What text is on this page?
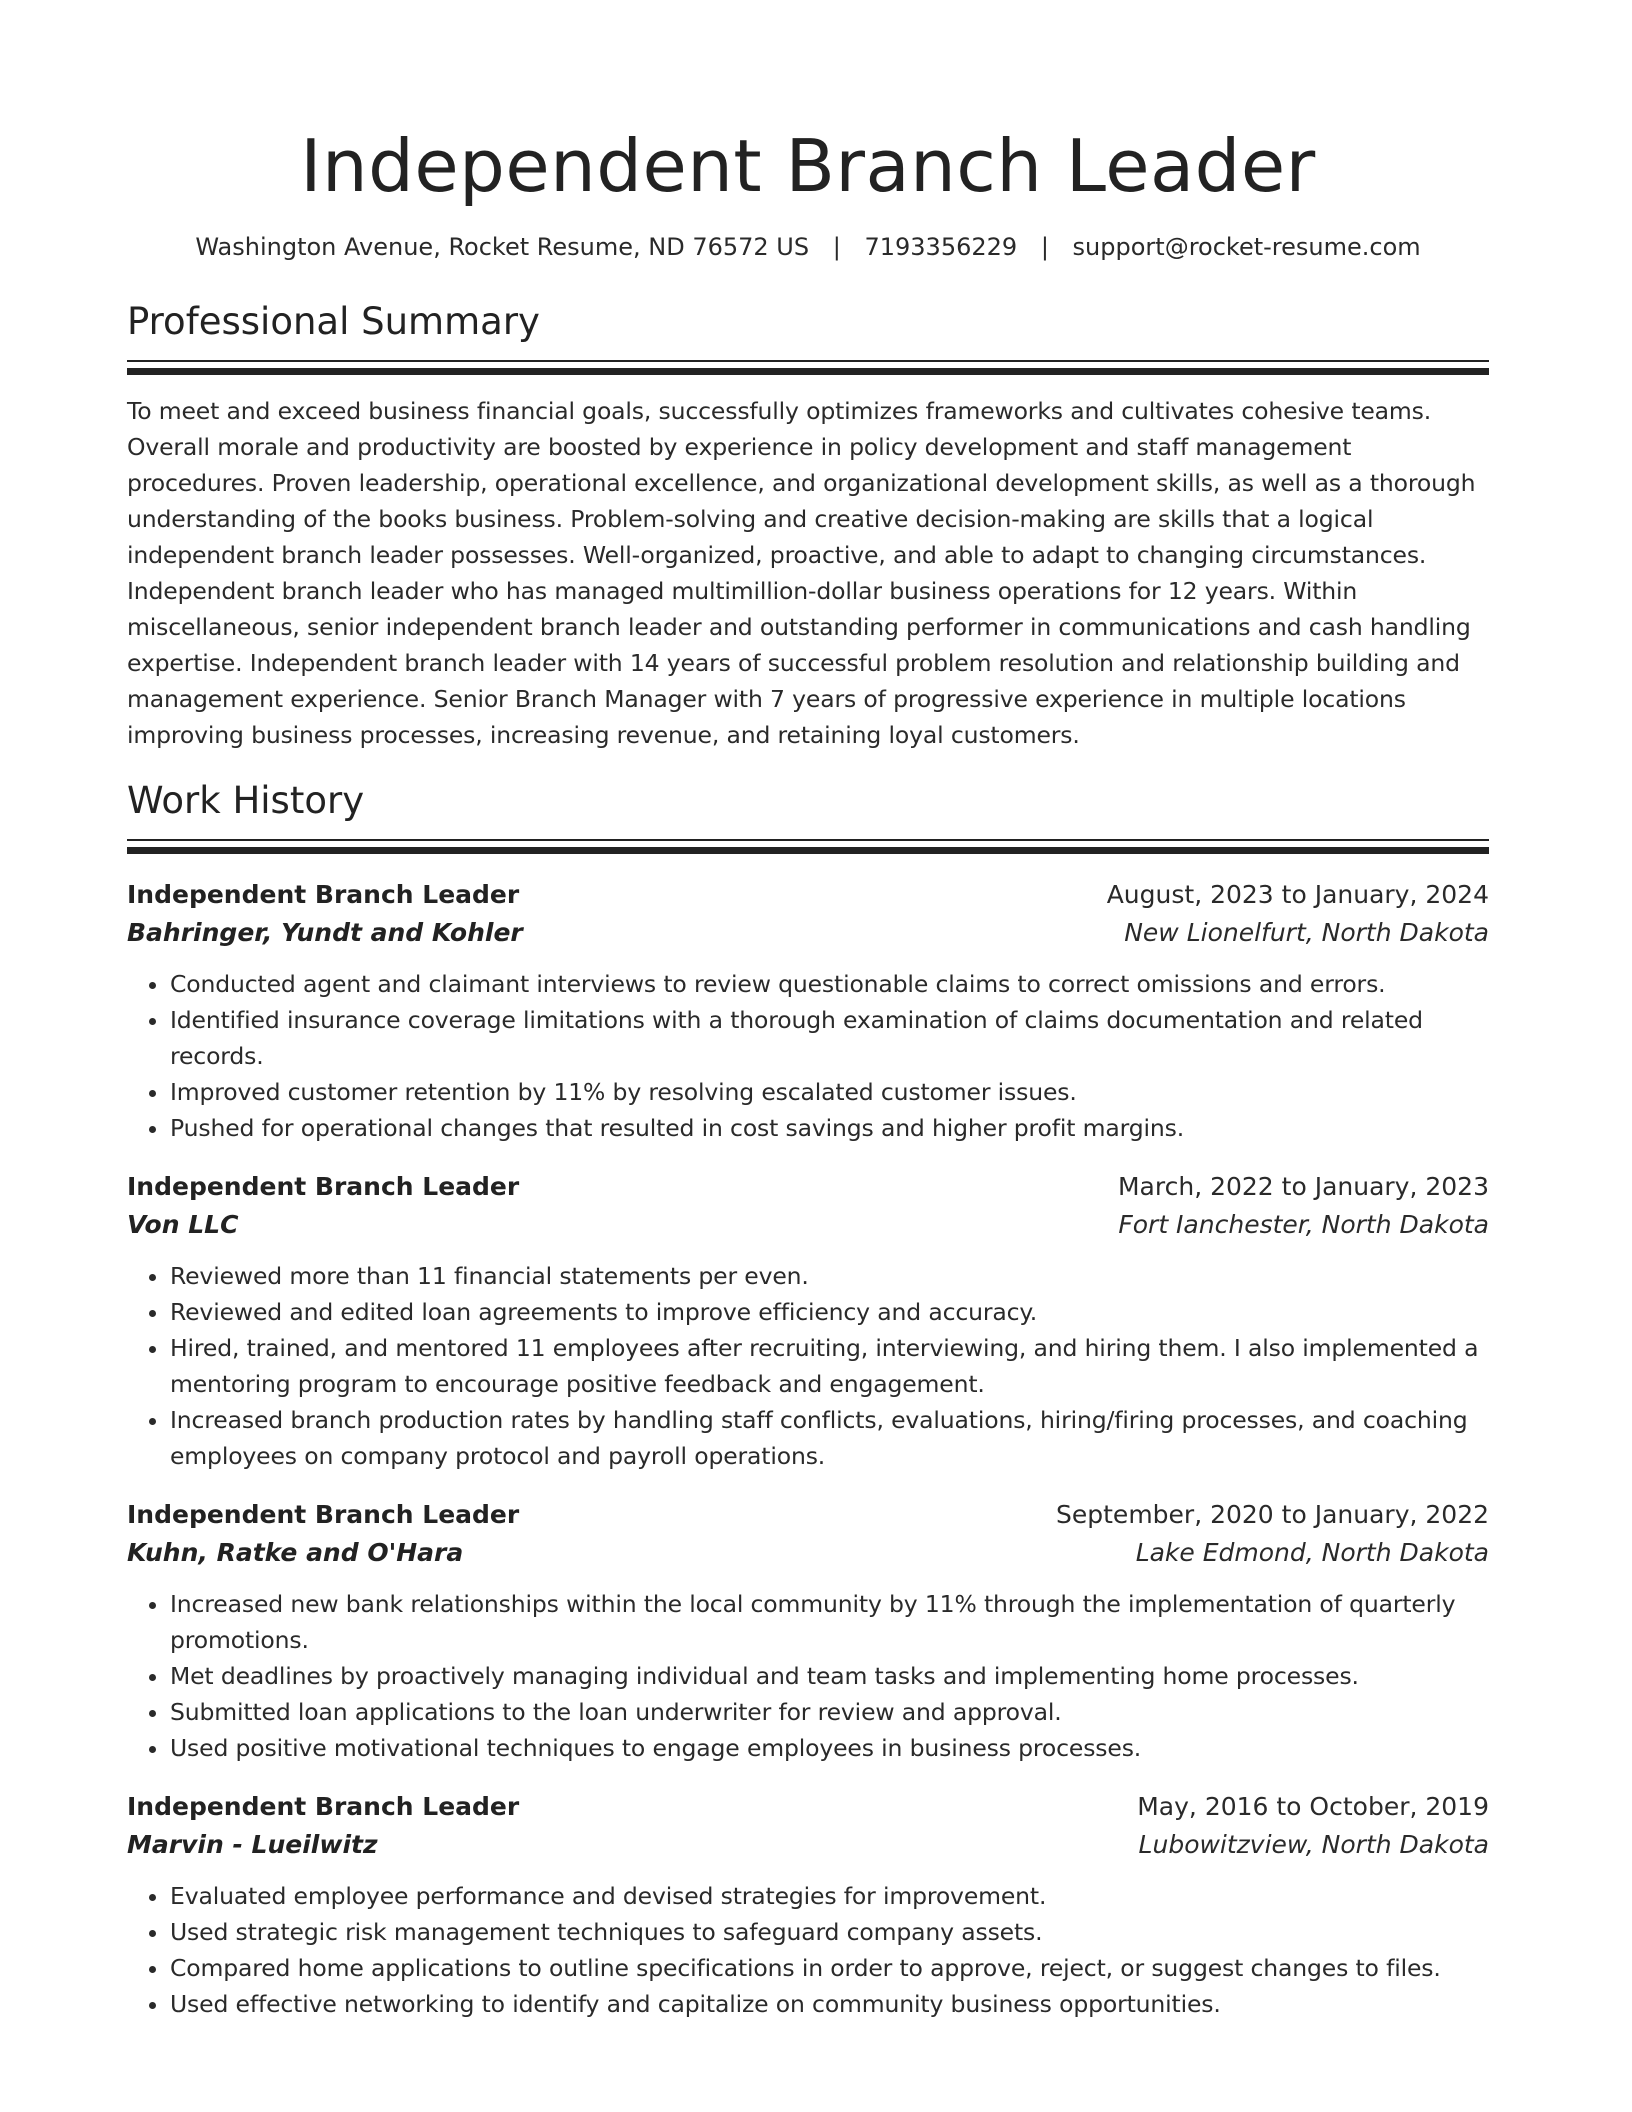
Independent Branch Leader
Washington Avenue, Rocket Resume, ND 76572 US | 7193356229 | support@rocket-resume.com
Professional Summary

To meet and exceed business financial goals, successfully optimizes frameworks and cultivates cohesive teams. Overall morale and productivity are boosted by experience in policy development and staff management procedures. Proven leadership, operational excellence, and organizational development skills, as well as a thorough understanding of the books business. Problem-solving and creative decision-making are skills that a logical independent branch leader possesses. Well-organized, proactive, and able to adapt to changing circumstances. Independent branch leader who has managed multimillion-dollar business operations for 12 years. Within miscellaneous, senior independent branch leader and outstanding performer in communications and cash handling expertise. Independent branch leader with 14 years of successful problem resolution and relationship building and management experience. Senior Branch Manager with 7 years of progressive experience in multiple locations improving business processes, increasing revenue, and retaining loyal customers.

Work History
Independent Branch Leader	August, 2023 to January, 2024
Bahringer, Yundt and Kohler	New Lionelfurt, North Dakota
• Conducted agent and claimant interviews to review questionable claims to correct omissions and errors.
• Identified insurance coverage limitations with a thorough examination of claims documentation and related records.
• Improved customer retention by 11% by resolving escalated customer issues.
• Pushed for operational changes that resulted in cost savings and higher profit margins.
Independent Branch Leader	March, 2022 to January, 2023
Von LLC	Fort Ianchester, North Dakota
• Reviewed more than 11 financial statements per even.
• Reviewed and edited loan agreements to improve efficiency and accuracy.
• Hired, trained, and mentored 11 employees after recruiting, interviewing, and hiring them. I also implemented a mentoring program to encourage positive feedback and engagement.
• Increased branch production rates by handling staff conflicts, evaluations, hiring/firing processes, and coaching employees on company protocol and payroll operations.
Independent Branch Leader	September, 2020 to January, 2022
Kuhn, Ratke and O'Hara	Lake Edmond, North Dakota
• Increased new bank relationships within the local community by 11% through the implementation of quarterly promotions.
• Met deadlines by proactively managing individual and team tasks and implementing home processes.
• Submitted loan applications to the loan underwriter for review and approval.
• Used positive motivational techniques to engage employees in business processes.
Independent Branch Leader	May, 2016 to October, 2019
Marvin - Lueilwitz	Lubowitzview, North Dakota
• Evaluated employee performance and devised strategies for improvement.
• Used strategic risk management techniques to safeguard company assets.
• Compared home applications to outline specifications in order to approve, reject, or suggest changes to files.
• Used effective networking to identify and capitalize on community business opportunities.
